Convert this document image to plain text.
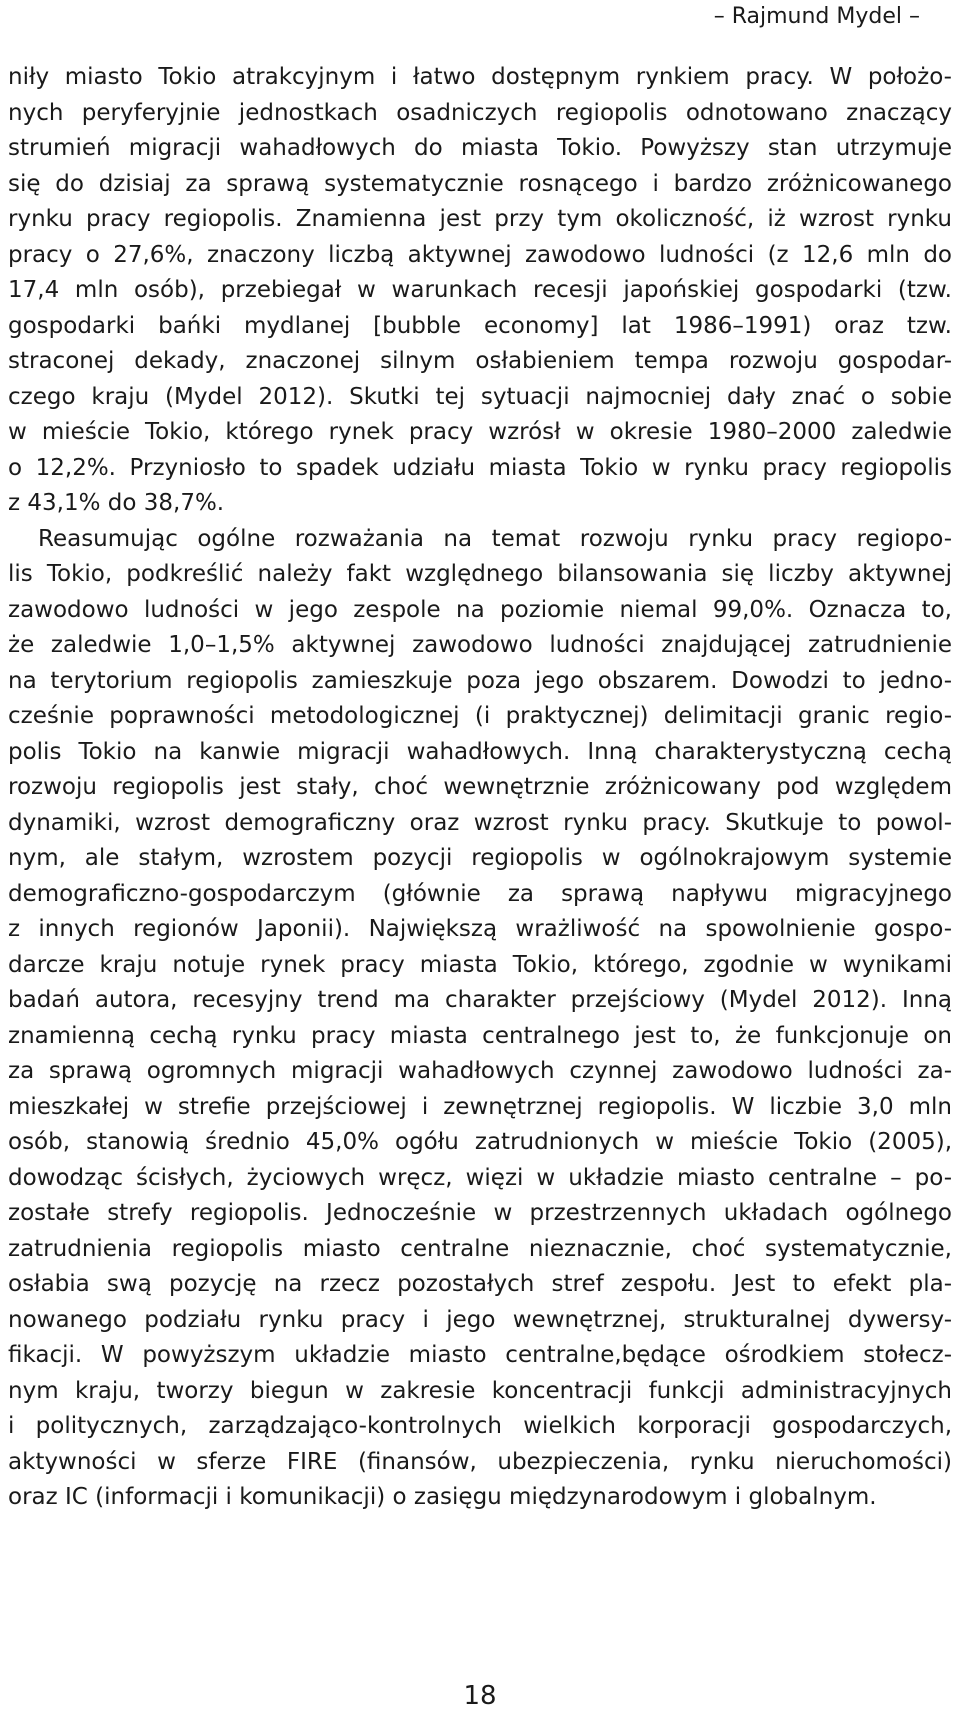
– Rajmund Mydel –
niły miasto Tokio atrakcyjnym i łatwo dostępnym rynkiem pracy. W położo-
nych peryferyjnie jednostkach osadniczych regiopolis odnotowano znaczący
strumień migracji wahadłowych do miasta Tokio. Powyższy stan utrzymuje
się do dzisiaj za sprawą systematycznie rosnącego i bardzo zróżnicowanego
rynku pracy regiopolis. Znamienna jest przy tym okoliczność, iż wzrost rynku
pracy o 27,6%, znaczony liczbą aktywnej zawodowo ludności (z 12,6 mln do
17,4 mln osób), przebiegał w warunkach recesji japońskiej gospodarki (tzw.
gospodarki bańki mydlanej [bubble economy] lat 1986–1991) oraz tzw.
straconej dekady, znaczonej silnym osłabieniem tempa rozwoju gospodar-
czego kraju (Mydel 2012). Skutki tej sytuacji najmocniej dały znać o sobie
w mieście Tokio, którego rynek pracy wzrósł w okresie 1980–2000 zaledwie
o 12,2%. Przyniosło to spadek udziału miasta Tokio w rynku pracy regiopolis
z 43,1% do 38,7%.
Reasumując ogólne rozważania na temat rozwoju rynku pracy regiopo-
lis Tokio, podkreślić należy fakt względnego bilansowania się liczby aktywnej
zawodowo ludności w jego zespole na poziomie niemal 99,0%. Oznacza to,
że zaledwie 1,0–1,5% aktywnej zawodowo ludności znajdującej zatrudnienie
na terytorium regiopolis zamieszkuje poza jego obszarem. Dowodzi to jedno-
cześnie poprawności metodologicznej (i praktycznej) delimitacji granic regio-
polis Tokio na kanwie migracji wahadłowych. Inną charakterystyczną cechą
rozwoju regiopolis jest stały, choć wewnętrznie zróżnicowany pod względem
dynamiki, wzrost demograficzny oraz wzrost rynku pracy. Skutkuje to powol-
nym, ale stałym, wzrostem pozycji regiopolis w ogólnokrajowym systemie
demograficzno-gospodarczym (głównie za sprawą napływu migracyjnego
z innych regionów Japonii). Największą wrażliwość na spowolnienie gospo-
darcze kraju notuje rynek pracy miasta Tokio, którego, zgodnie w wynikami
badań autora, recesyjny trend ma charakter przejściowy (Mydel 2012). Inną
znamienną cechą rynku pracy miasta centralnego jest to, że funkcjonuje on
za sprawą ogromnych migracji wahadłowych czynnej zawodowo ludności za-
mieszkałej w strefie przejściowej i zewnętrznej regiopolis. W liczbie 3,0 mln
osób, stanowią średnio 45,0% ogółu zatrudnionych w mieście Tokio (2005),
dowodząc ścisłych, życiowych wręcz, więzi w układzie miasto centralne – po-
zostałe strefy regiopolis. Jednocześnie w przestrzennych układach ogólnego
zatrudnienia regiopolis miasto centralne nieznacznie, choć systematycznie,
osłabia swą pozycję na rzecz pozostałych stref zespołu. Jest to efekt pla-
nowanego podziału rynku pracy i jego wewnętrznej, strukturalnej dywersy-
fikacji. W powyższym układzie miasto centralne,będące ośrodkiem stołecz-
nym kraju, tworzy biegun w zakresie koncentracji funkcji administracyjnych
i politycznych, zarządzająco-kontrolnych wielkich korporacji gospodarczych,
aktywności w sferze FIRE (finansów, ubezpieczenia, rynku nieruchomości)
oraz IC (informacji i komunikacji) o zasięgu międzynarodowym i globalnym.
18
